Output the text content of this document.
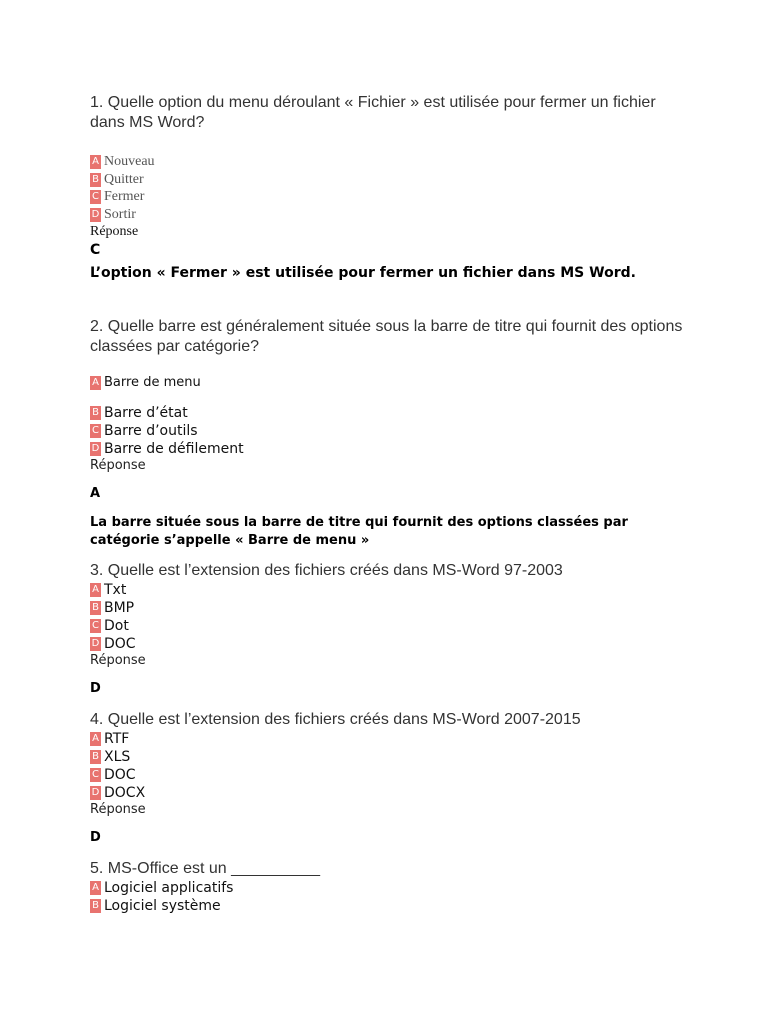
1. Quelle option du menu déroulant « Fichier » est utilisée pour fermer un fichier dans MS Word?
A Nouveau
B Quitter
C Fermer
D Sortir
Réponse
C
L’option « Fermer » est utilisée pour fermer un fichier dans MS Word.
2. Quelle barre est généralement située sous la barre de titre qui fournit des options classées par catégorie?
A Barre de menu
B Barre d’état
C Barre d’outils
D Barre de défilement
Réponse
A
La barre située sous la barre de titre qui fournit des options classées par catégorie s’appelle « Barre de menu »
3. Quelle est l’extension des fichiers créés dans MS-Word 97-2003
A Txt
B BMP
C Dot
D DOC
Réponse
D
4. Quelle est l’extension des fichiers créés dans MS-Word 2007-2015
A RTF
B XLS
C DOC
D DOCX
Réponse
D
5. MS-Office est un __________
A Logiciel applicatifs
B Logiciel système
